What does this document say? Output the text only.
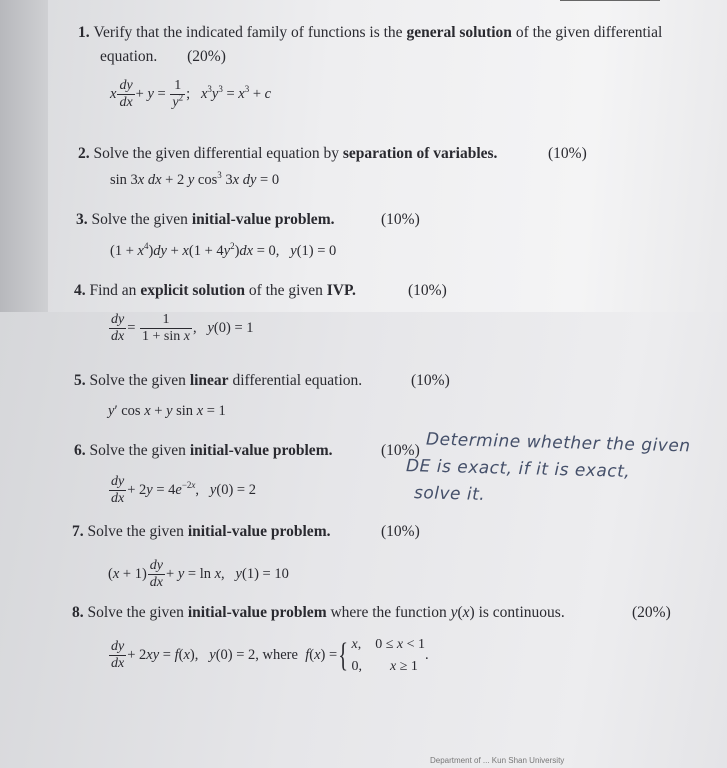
1. Verify that the indicated family of functions is the general solution of the given differential
equation. (20%)
x $\frac{dy}{dx} + y = \frac{1}{y^2}$ ;   $x^3y^3 = x^3 + c$
2. Solve the given differential equation by separation of variables.	(10%)
sin 3x dx + 2 y $\cos^3 3x$ dy = 0
3. Solve the given initial-value problem.	(10%)
$(1 + x^4)dy + x(1 + 4y^2)dx = 0$,   y(1) = 0
4. Find an explicit solution of the given IVP.	(10%)
$\frac{dy}{dx} = \frac{1}{\text{1 + sin x}}$ ,   y(0) = 1
5. Solve the given linear differential equation.	(10%)
y′ cos x + y sin x = 1
6. Solve the given initial-value problem.	(10%) Determine whether the given
DE is exact, if it is exact,
solve it.
$\frac{dy}{dx} + 2y = 4e^{-2x}$,   y(0) = 2
7. Solve the given initial-value problem.	(10%)
$(x + 1) \frac{dy}{dx} + y = \ln x$,   y(1) = 10
8. Solve the given initial-value problem where the function y(x) is continuous.	(20%)
$\frac{dy}{dx} + 2xy = f(x)$,   y(0) = 2, where  f(x) ={ x,    0 ≤ x < 1
0,        x ≥ 1.
Department of ... Kun Shan University
